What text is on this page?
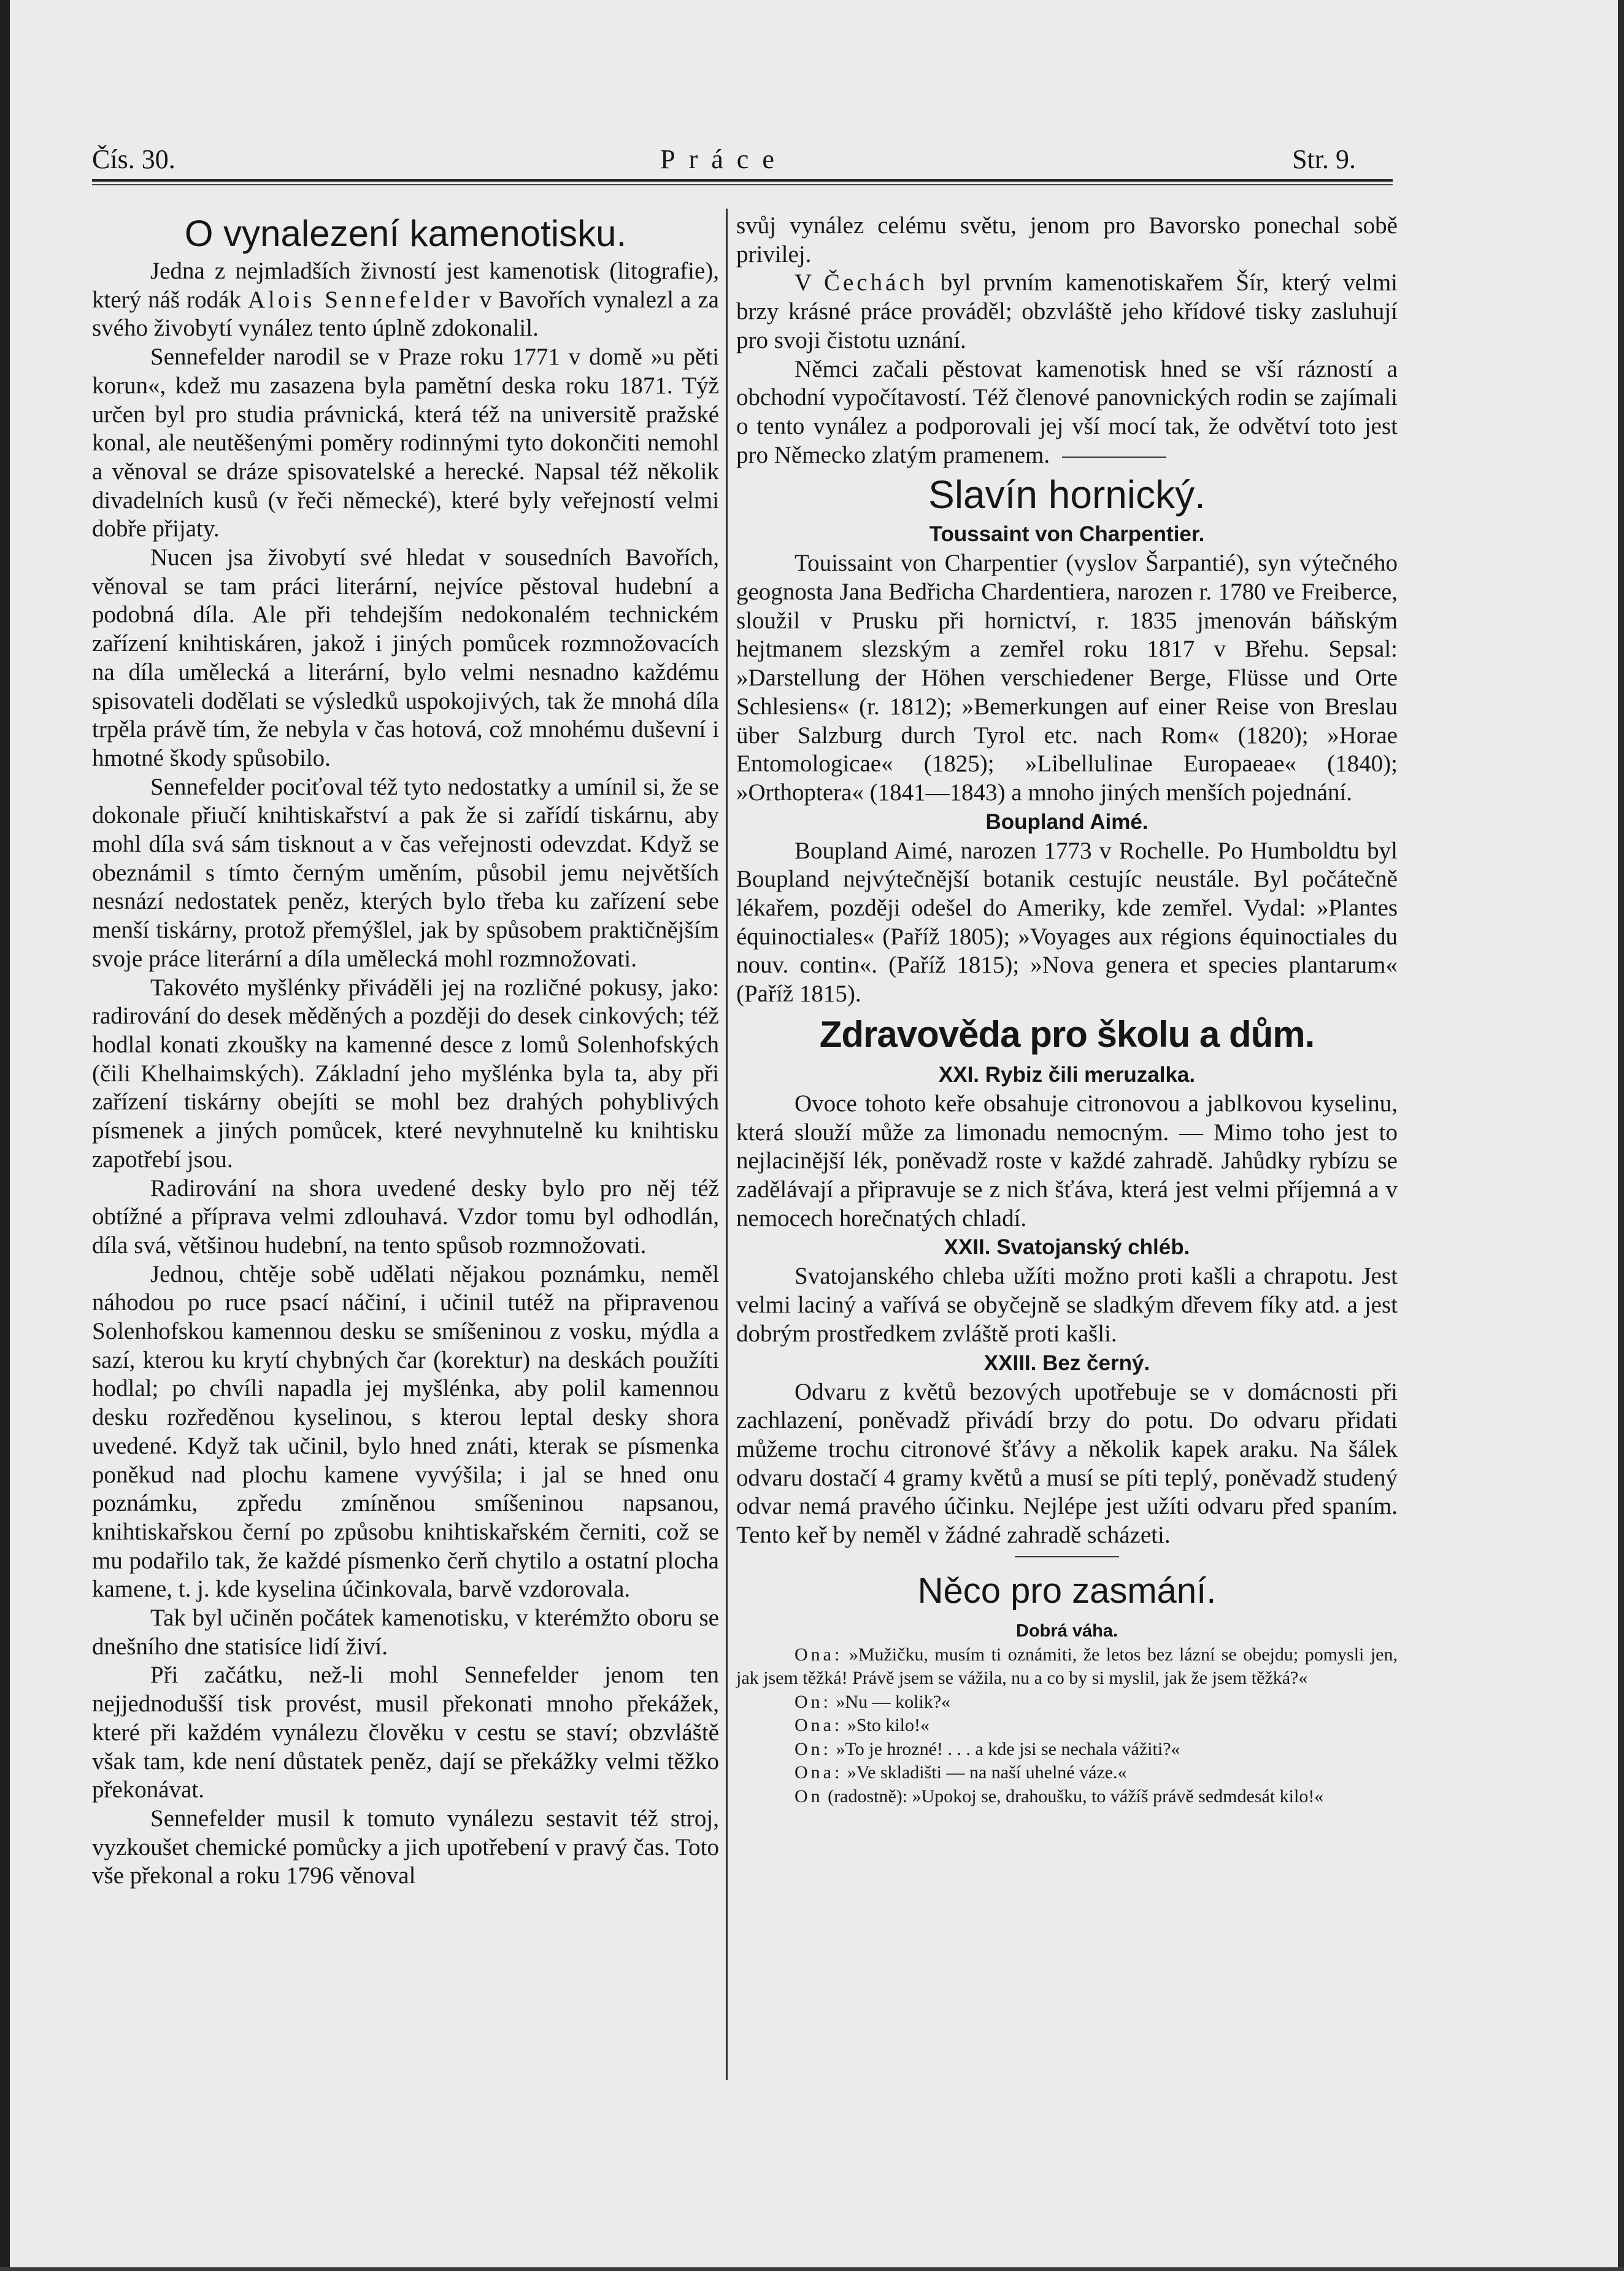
Čís. 30.	Práce	Str. 9.
O vynalezení kamenotisku.

Jedna z nejmladších živností jest kamenotisk (litografie), který náš rodák Alois Sennefelder v Bavořích vynalezl a za svého živobytí vynález tento úplně zdokonalil.

Sennefelder narodil se v Praze roku 1771 v domě »u pěti korun«, kdež mu zasazena byla pamětní deska roku 1871. Týž určen byl pro studia právnická, která též na universitě pražské konal, ale neutěšenými poměry rodinnými tyto dokončiti nemohl a věnoval se dráze spisovatelské a herecké. Napsal též několik divadelních kusů (v řeči německé), které byly veřejností velmi dobře přijaty.

Nucen jsa živobytí své hledat v sousedních Bavořích, věnoval se tam práci literární, nejvíce pěstoval hudební a podobná díla. Ale při tehdejším nedokonalém technickém zařízení knihtiskáren, jakož i jiných pomůcek rozmnožovacích na díla umělecká a literární, bylo velmi nesnadno každému spisovateli dodělati se výsledků uspokojivých, tak že mnohá díla trpěla právě tím, že nebyla v čas hotová, což mnohému duševní i hmotné škody spůsobilo.

Sennefelder pociťoval též tyto nedostatky a umínil si, že se dokonale přiučí knihtiskařství a pak že si zařídí tiskárnu, aby mohl díla svá sám tisknout a v čas veřejnosti odevzdat. Když se obeznámil s tímto černým uměním, působil jemu největších nesnází nedostatek peněz, kterých bylo třeba ku zařízení sebe menší tiskárny, protož přemýšlel, jak by spůsobem praktičnějším svoje práce literární a díla umělecká mohl rozmnožovati.

Takovéto myšlénky přiváděli jej na rozličné pokusy, jako: radirování do desek měděných a později do desek cinkových; též hodlal konati zkoušky na kamenné desce z lomů Solenhofských (čili Khelhaimských). Základní jeho myšlénka byla ta, aby při zařízení tiskárny obejíti se mohl bez drahých pohyblivých písmenek a jiných pomůcek, které nevyhnutelně ku knihtisku zapotřebí jsou.

Radirování na shora uvedené desky bylo pro něj též obtížné a příprava velmi zdlouhavá. Vzdor tomu byl odhodlán, díla svá, většinou hudební, na tento spůsob rozmnožovati.

Jednou, chtěje sobě udělati nějakou poznámku, neměl náhodou po ruce psací náčiní, i učinil tutéž na připravenou Solenhofskou kamennou desku se smíšeninou z vosku, mýdla a sazí, kterou ku krytí chybných čar (korektur) na deskách použíti hodlal; po chvíli napadla jej myšlénka, aby polil kamennou desku rozředěnou kyselinou, s kterou leptal desky shora uvedené. Když tak učinil, bylo hned znáti, kterak se písmenka poněkud nad plochu kamene vyvýšila; i jal se hned onu poznámku, zpředu zmíněnou smíšeninou napsanou, knihtiskařskou černí po způsobu knihtiskařském černiti, což se mu podařilo tak, že každé písmenko čerň chytilo a ostatní plocha kamene, t. j. kde kyselina účinkovala, barvě vzdorovala.

Tak byl učiněn počátek kamenotisku, v kterémžto oboru se dnešního dne statisíce lidí živí.

Při začátku, než-li mohl Sennefelder jenom ten nejjednodušší tisk provést, musil překonati mnoho překážek, které při každém vynálezu člověku v cestu se staví; obzvláště však tam, kde není důstatek peněz, dají se překážky velmi těžko překonávat.

Sennefelder musil k tomuto vynálezu sestavit též stroj, vyzkoušet chemické pomůcky a jich upotřebení v pravý čas. Toto vše překonal a roku 1796 věnoval

svůj vynález celému světu, jenom pro Bavorsko ponechal sobě privilej.

V Čechách byl prvním kamenotiskařem Šír, který velmi brzy krásné práce prováděl; obzvláště jeho křídové tisky zasluhují pro svoji čistotu uznání.

Němci začali pěstovat kamenotisk hned se vší rázností a obchodní vypočítavostí. Též členové panovnických rodin se zajímali o tento vynález a podporovali jej vší mocí tak, že odvětví toto jest pro Německo zlatým pramenem.

Slavín hornický.
Toussaint von Charpentier.

Touissaint von Charpentier (vyslov Šarpantié), syn výtečného geognosta Jana Bedřicha Chardentiera, narozen r. 1780 ve Freiberce, sloužil v Prusku při hornictví, r. 1835 jmenován báňským hejtmanem slezským a zemřel roku 1817 v Břehu. Sepsal: »Darstellung der Höhen verschiedener Berge, Flüsse und Orte Schlesiens« (r. 1812); »Bemerkungen auf einer Reise von Breslau über Salzburg durch Tyrol etc. nach Rom« (1820); »Horae Entomologicae« (1825); »Libellulinae Europaeae« (1840); »Orthoptera« (1841—1843) a mnoho jiných menších pojednání.

Boupland Aimé.

Boupland Aimé, narozen 1773 v Rochelle. Po Humboldtu byl Boupland nejvýtečnější botanik cestujíc neustále. Byl počátečně lékařem, později odešel do Ameriky, kde zemřel. Vydal: »Plantes équinoctiales« (Paříž 1805); »Voyages aux régions équinoctiales du nouv. contin«. (Paříž 1815); »Nova genera et species plantarum« (Paříž 1815).

Zdravověda pro školu a dům.
XXI. Rybiz čili meruzalka.

Ovoce tohoto keře obsahuje citronovou a jablkovou kyselinu, která slouží může za limonadu nemocným. — Mimo toho jest to nejlacinější lék, poněvadž roste v každé zahradě. Jahůdky rybízu se zadělávají a připravuje se z nich šťáva, která jest velmi příjemná a v nemocech horečnatých chladí.

XXII. Svatojanský chléb.

Svatojanského chleba užíti možno proti kašli a chrapotu. Jest velmi laciný a vařívá se obyčejně se sladkým dřevem fíky atd. a jest dobrým prostředkem zvláště proti kašli.

XXIII. Bez černý.

Odvaru z květů bezových upotřebuje se v domácnosti při zachlazení, poněvadž přivádí brzy do potu. Do odvaru přidati můžeme trochu citronové šťávy a několik kapek araku. Na šálek odvaru dostačí 4 gramy květů a musí se píti teplý, poněvadž studený odvar nemá pravého účinku. Nejlépe jest užíti odvaru před spaním. Tento keř by neměl v žádné zahradě scházeti.

Něco pro zasmání.
Dobrá váha.

Ona: »Mužičku, musím ti oznámiti, že letos bez lázní se obejdu; pomysli jen, jak jsem těžká! Právě jsem se vážila, nu a co by si myslil, jak že jsem těžká?«

On: »Nu — kolik?«

Ona: »Sto kilo!«

On: »To je hrozné! . . . a kde jsi se nechala vážiti?«

Ona: »Ve skladišti — na naší uhelné váze.«

On (radostně): »Upokoj se, drahoušku, to vážíš právě sedmdesát kilo!«
